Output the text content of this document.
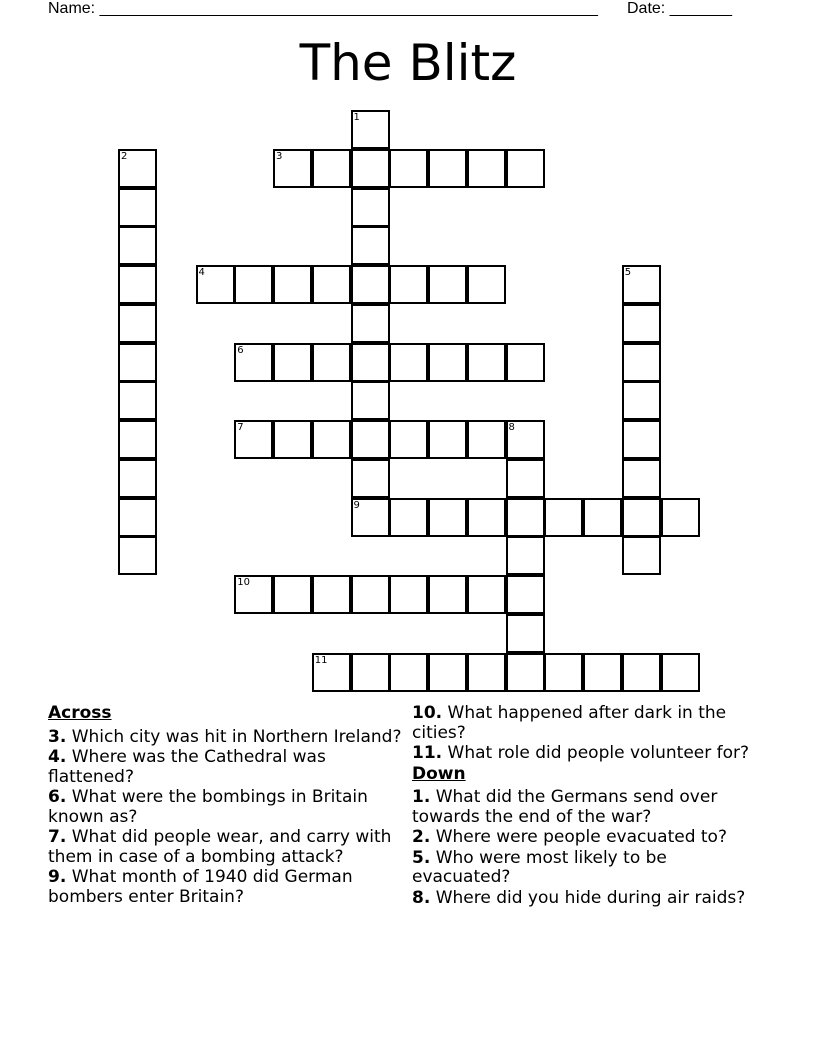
Name: ________________________________________________________ Date: _______
The Blitz
1
2	3
4	5
6
7	8
9
10
11
Across
3. Which city was hit in Northern Ireland?
4. Where was the Cathedral was flattened?
6. What were the bombings in Britain known as?
7. What did people wear, and carry with them in case of a bombing attack?
9. What month of 1940 did German bombers enter Britain?
10. What happened after dark in the cities?
11. What role did people volunteer for?
Down
1. What did the Germans send over towards the end of the war?
2. Where were people evacuated to?
5. Who were most likely to be evacuated?
8. Where did you hide during air raids?
